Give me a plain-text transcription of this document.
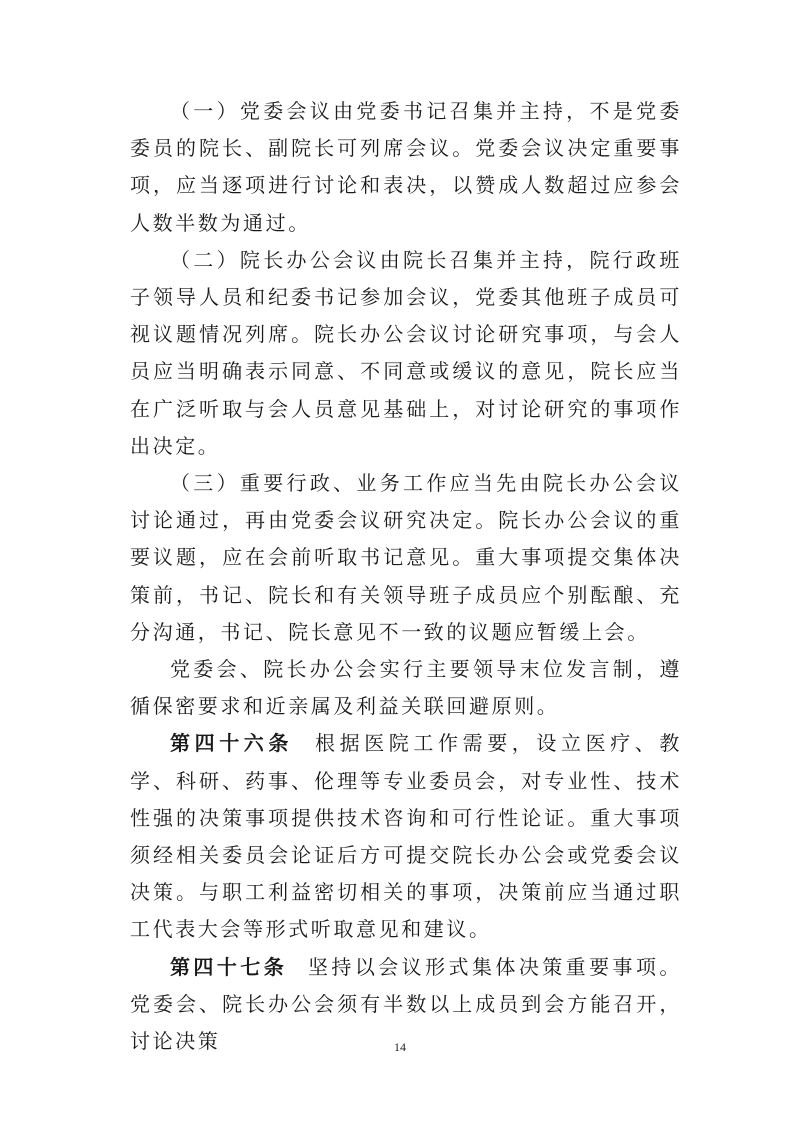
（一）党委会议由党委书记召集并主持，不是党委委员的院长、副院长可列席会议。党委会议决定重要事项，应当逐项进行讨论和表决，以赞成人数超过应参会人数半数为通过。

（二）院长办公会议由院长召集并主持，院行政班子领导人员和纪委书记参加会议，党委其他班子成员可视议题情况列席。院长办公会议讨论研究事项，与会人员应当明确表示同意、不同意或缓议的意见，院长应当在广泛听取与会人员意见基础上，对讨论研究的事项作出决定。

（三）重要行政、业务工作应当先由院长办公会议讨论通过，再由党委会议研究决定。院长办公会议的重要议题，应在会前听取书记意见。重大事项提交集体决策前，书记、院长和有关领导班子成员应个别酝酿、充分沟通，书记、院长意见不一致的议题应暂缓上会。

党委会、院长办公会实行主要领导末位发言制，遵循保密要求和近亲属及利益关联回避原则。

第四十六条 根据医院工作需要，设立医疗、教学、科研、药事、伦理等专业委员会，对专业性、技术性强的决策事项提供技术咨询和可行性论证。重大事项须经相关委员会论证后方可提交院长办公会或党委会议决策。与职工利益密切相关的事项，决策前应当通过职工代表大会等形式听取意见和建议。

第四十七条 坚持以会议形式集体决策重要事项。党委会、院长办公会须有半数以上成员到会方能召开，讨论决策	14
